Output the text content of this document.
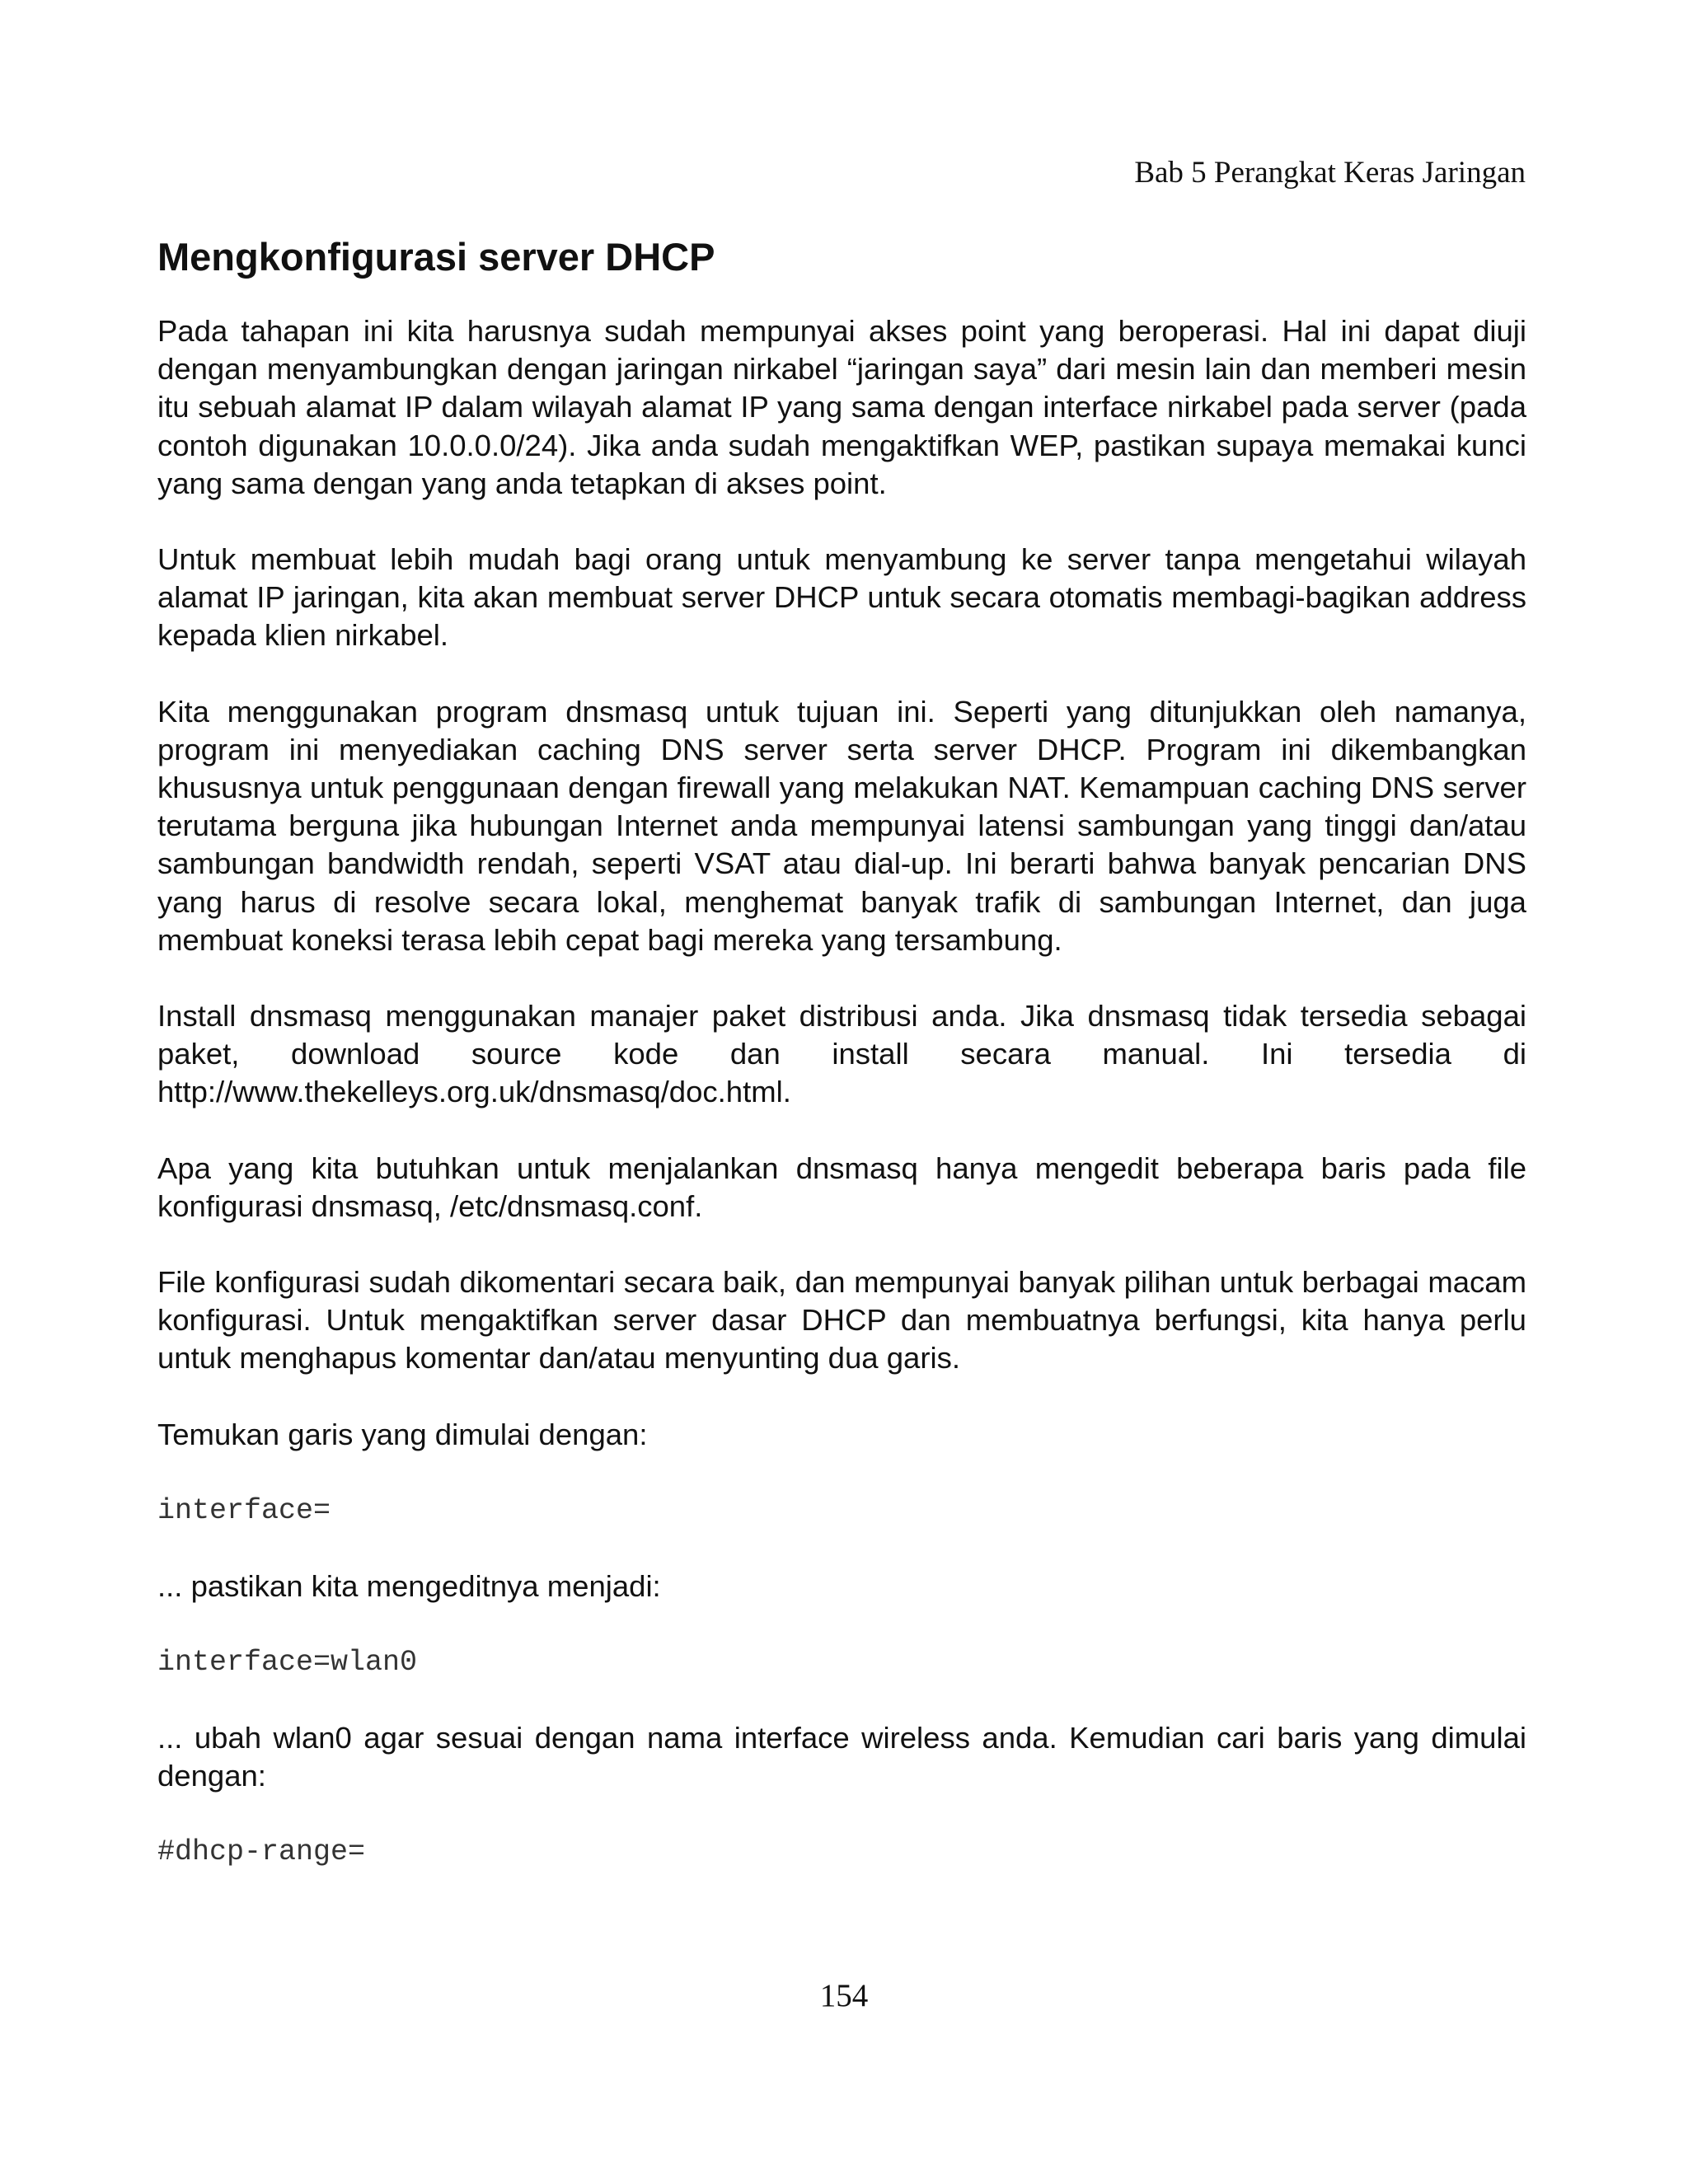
Bab 5 Perangkat Keras Jaringan
Mengkonfigurasi server DHCP

Pada tahapan ini kita harusnya sudah mempunyai akses point yang beroperasi. Hal ini dapat diuji dengan menyambungkan dengan jaringan nirkabel “jaringan saya” dari mesin lain dan memberi mesin itu sebuah alamat IP dalam wilayah alamat IP yang sama dengan interface nirkabel pada server (pada contoh digunakan 10.0.0.0/24). Jika anda sudah mengaktifkan WEP, pastikan supaya memakai kunci yang sama dengan yang anda tetapkan di akses point.

Untuk membuat lebih mudah bagi orang untuk menyambung ke server tanpa mengetahui wilayah alamat IP jaringan, kita akan membuat server DHCP untuk secara otomatis membagi-bagikan address kepada klien nirkabel.

Kita menggunakan program dnsmasq untuk tujuan ini. Seperti yang ditunjukkan oleh namanya, program ini menyediakan caching DNS server serta server DHCP. Program ini dikembangkan khususnya untuk penggunaan dengan firewall yang melakukan NAT. Kemampuan caching DNS server terutama berguna jika hubungan Internet anda mempunyai latensi sambungan yang tinggi dan/atau sambungan bandwidth rendah, seperti VSAT atau dial-up. Ini berarti bahwa banyak pencarian DNS yang harus di resolve secara lokal, menghemat banyak trafik di sambungan Internet, dan juga membuat koneksi terasa lebih cepat bagi mereka yang tersambung.

Install dnsmasq menggunakan manajer paket distribusi anda. Jika dnsmasq tidak tersedia sebagai paket, download source kode dan install secara manual. Ini tersedia di http://www.thekelleys.org.uk/dnsmasq/doc.html.

Apa yang kita butuhkan untuk menjalankan dnsmasq hanya mengedit beberapa baris pada file konfigurasi dnsmasq, /etc/dnsmasq.conf.

File konfigurasi sudah dikomentari secara baik, dan mempunyai banyak pilihan untuk berbagai macam konfigurasi. Untuk mengaktifkan server dasar DHCP dan membuatnya berfungsi, kita hanya perlu untuk menghapus komentar dan/atau menyunting dua garis.

Temukan garis yang dimulai dengan:

interface=

... pastikan kita mengeditnya menjadi:

interface=wlan0

... ubah wlan0 agar sesuai dengan nama interface wireless anda. Kemudian cari baris yang dimulai dengan:

#dhcp-range=
154
